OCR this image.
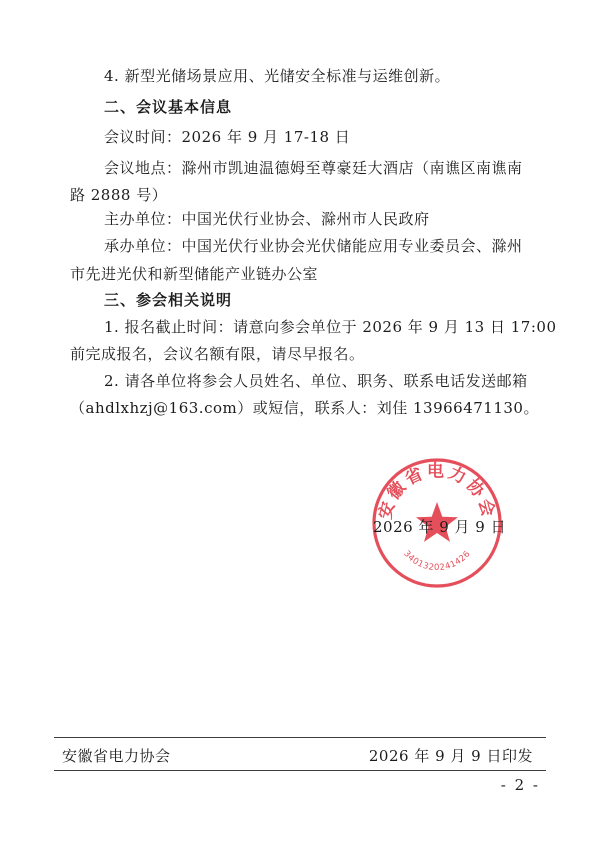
4. 新型光储场景应用、光储安全标准与运维创新。
二、会议基本信息
会议时间：2026 年 9 月 17-18 日
会议地点：滁州市凯迪温德姆至尊豪廷大酒店（南谯区南谯南
路 2888 号）
主办单位：中国光伏行业协会、滁州市人民政府
承办单位：中国光伏行业协会光伏储能应用专业委员会、滁州
市先进光伏和新型储能产业链办公室
三、参会相关说明
1. 报名截止时间：请意向参会单位于 2026 年 9 月 13 日 17:00
前完成报名，会议名额有限，请尽早报名。
2. 请各单位将参会人员姓名、单位、职务、联系电话发送邮箱
（ahdlxhzj@163.com）或短信，联系人：刘佳 13966471130。
安徽省电力协会
3401320241426
2026 年 9 月 9 日
安徽省电力协会	2026 年 9 月 9 日印发
- 2 -
